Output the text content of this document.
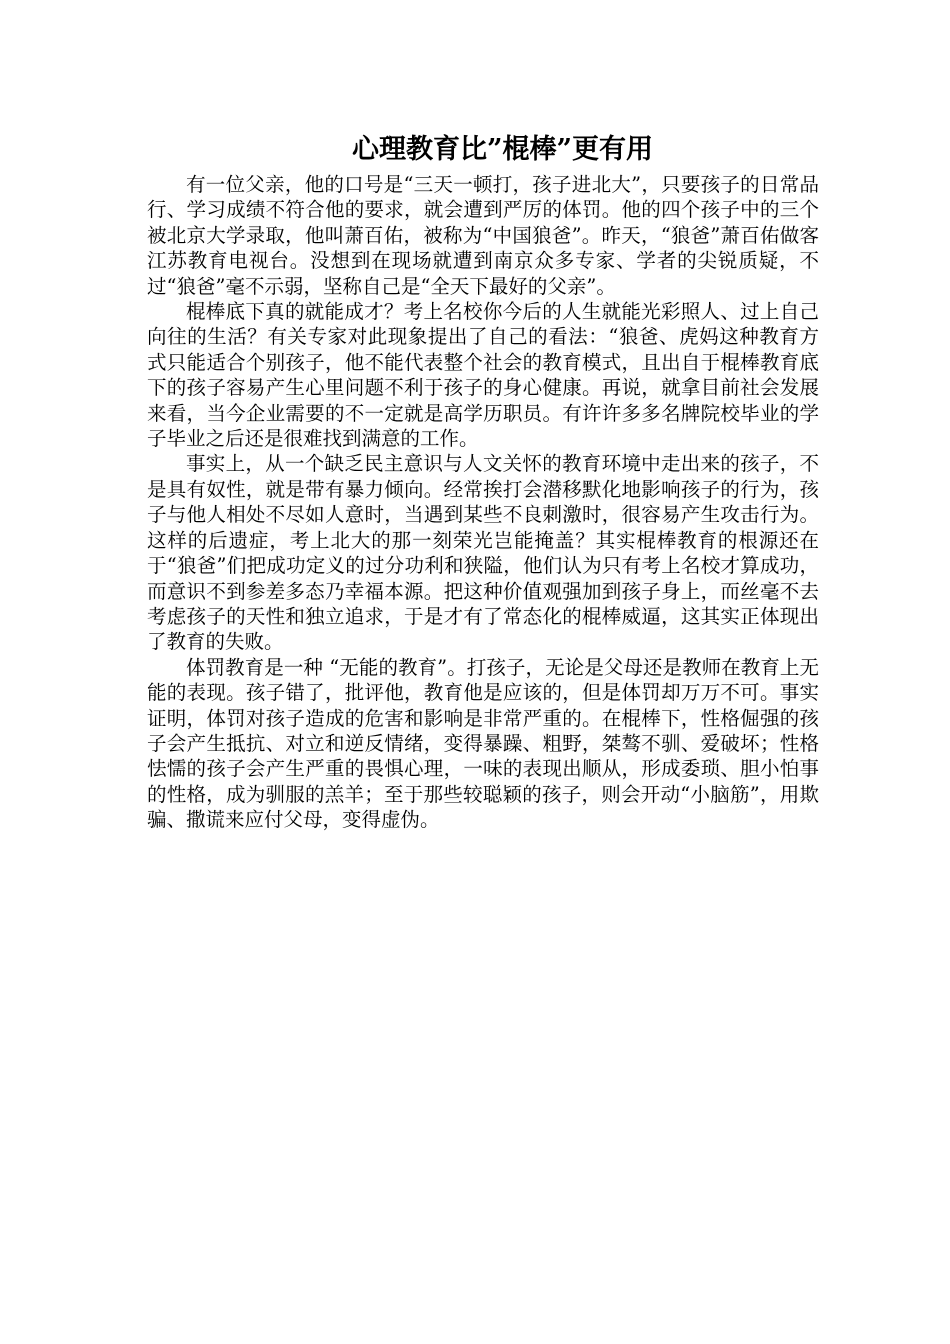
心理教育比”棍棒”更有用

有一位父亲，他的口号是“三天一顿打，孩子进北大”，只要孩子的日常品行、学习成绩不符合他的要求，就会遭到严厉的体罚。他的四个孩子中的三个被北京大学录取，他叫萧百佑，被称为“中国狼爸”。昨天，“狼爸”萧百佑做客江苏教育电视台。没想到在现场就遭到南京众多专家、学者的尖锐质疑，不过“狼爸”毫不示弱，坚称自己是“全天下最好的父亲”。

棍棒底下真的就能成才？考上名校你今后的人生就能光彩照人、过上自己向往的生活？有关专家对此现象提出了自己的看法：“狼爸、虎妈这种教育方式只能适合个别孩子，他不能代表整个社会的教育模式，且出自于棍棒教育底下的孩子容易产生心里问题不利于孩子的身心健康。再说，就拿目前社会发展来看，当今企业需要的不一定就是高学历职员。有许许多多名牌院校毕业的学子毕业之后还是很难找到满意的工作。

事实上，从一个缺乏民主意识与人文关怀的教育环境中走出来的孩子，不是具有奴性，就是带有暴力倾向。经常挨打会潜移默化地影响孩子的行为，孩子与他人相处不尽如人意时，当遇到某些不良刺激时，很容易产生攻击行为。这样的后遗症，考上北大的那一刻荣光岂能掩盖？其实棍棒教育的根源还在于“狼爸”们把成功定义的过分功利和狭隘，他们认为只有考上名校才算成功，而意识不到参差多态乃幸福本源。把这种价值观强加到孩子身上，而丝毫不去考虑孩子的天性和独立追求，于是才有了常态化的棍棒威逼，这其实正体现出了教育的失败。

体罚教育是一种 “无能的教育”。打孩子，无论是父母还是教师在教育上无能的表现。孩子错了，批评他，教育他是应该的，但是体罚却万万不可。事实证明，体罚对孩子造成的危害和影响是非常严重的。在棍棒下，性格倔强的孩子会产生抵抗、对立和逆反情绪，变得暴躁、粗野，桀骜不驯、爱破坏；性格怯懦的孩子会产生严重的畏惧心理，一味的表现出顺从，形成委琐、胆小怕事的性格，成为驯服的羔羊；至于那些较聪颖的孩子，则会开动“小脑筋”，用欺骗、撒谎来应付父母，变得虚伪。
